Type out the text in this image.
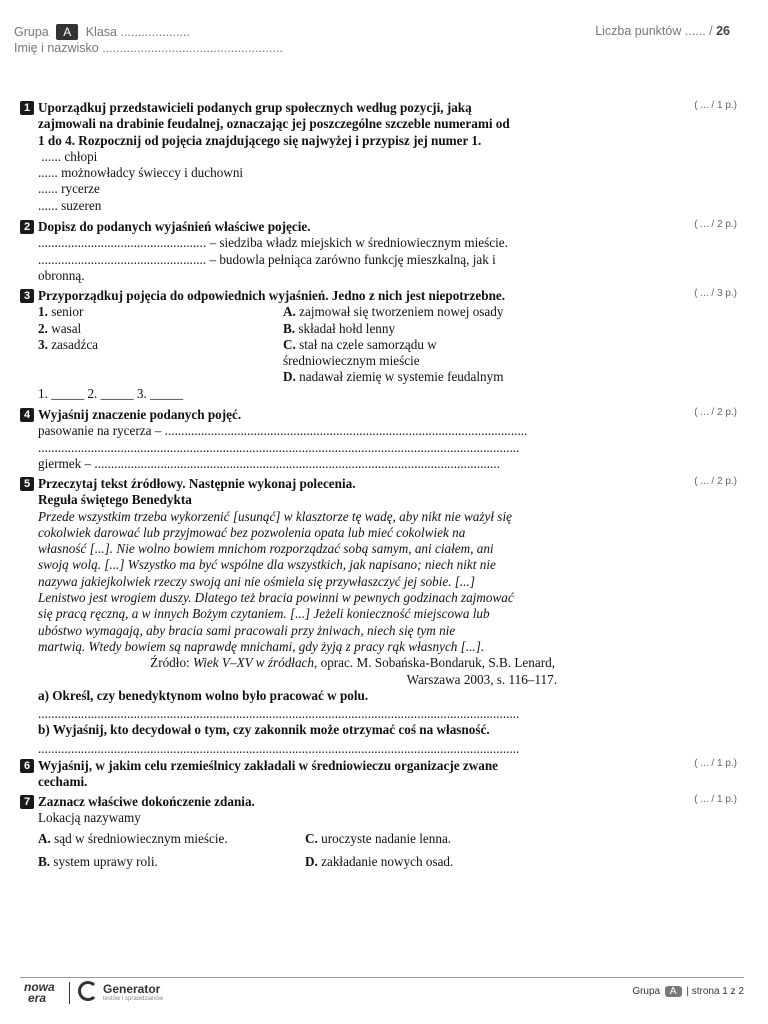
Grupa A Klasa ....................
Imię i nazwisko ....................................................
Liczba punktów ...... / 26
1 Uporządkuj przedstawicieli podanych grup społecznych według pozycji, jaką
zajmowali na drabinie feudalnej, oznaczając jej poszczególne szczeble numerami od
1 do 4. Rozpocznij od pojęcia znajdującego się najwyżej i przypisz jej numer 1.
...... chłopi
...... możnowładcy świeccy i duchowni
...... rycerze
...... suzeren
( ... / 1 p.)
2 Dopisz do podanych wyjaśnień właściwe pojęcie.
................................................... – siedziba władz miejskich w średniowiecznym mieście.
................................................... – budowla pełniąca zarówno funkcję mieszkalną, jak i
obronną.
( ... / 2 p.)
3 Przyporządkuj pojęcia do odpowiednich wyjaśnień. Jedno z nich jest niepotrzebne.
1. senior
2. wasal
3. zasadźca
A. zajmował się tworzeniem nowej osady
B. składał hołd lenny
C. stał na czele samorządu w
średniowiecznym mieście
D. nadawał ziemię w systemie feudalnym
1. _____ 2. _____ 3. _____
( ... / 3 p.)
4 Wyjaśnij znaczenie podanych pojęć.
pasowanie na rycerza – ..............................................................................................................
..................................................................................................................................................
giermek – ...........................................................................................................................
( ... / 2 p.)
5 Przeczytaj tekst źródłowy. Następnie wykonaj polecenia.
Reguła świętego Benedykta
Przede wszystkim trzeba wykorzenić [usunąć] w klasztorze tę wadę, aby nikt nie ważył się
cokolwiek darować lub przyjmować bez pozwolenia opata lub mieć cokolwiek na
własność [...]. Nie wolno bowiem mnichom rozporządzać sobą samym, ani ciałem, ani
swoją wolą. [...] Wszystko ma być wspólne dla wszystkich, jak napisano; niech nikt nie
nazywa jakiejkolwiek rzeczy swoją ani nie ośmiela się przywłaszczyć jej sobie. [...]
Lenistwo jest wrogiem duszy. Dlatego też bracia powinni w pewnych godzinach zajmować
się pracą ręczną, a w innych Bożym czytaniem. [...] Jeżeli konieczność miejscowa lub
ubóstwo wymagają, aby bracia sami pracowali przy żniwach, niech się tym nie
martwią. Wtedy bowiem są naprawdę mnichami, gdy żyją z pracy rąk własnych [...].
Źródło: Wiek V–XV w źródłach, oprac. M. Sobańska-Bondaruk, S.B. Lenard,
Warszawa 2003, s. 116–117.
a) Określ, czy benedyktynom wolno było pracować w polu.
..................................................................................................................................................
b) Wyjaśnij, kto decydował o tym, czy zakonnik może otrzymać coś na własność.
..................................................................................................................................................
( ... / 2 p.)
6 Wyjaśnij, w jakim celu rzemieślnicy zakładali w średniowieczu organizacje zwane
cechami.
( ... / 1 p.)
7 Zaznacz właściwe dokończenie zdania.
Lokacją nazywamy
A. sąd w średniowiecznym mieście.	C. uroczyste nadanie lenna.
B. system uprawy roli.	D. zakładanie nowych osad.
( ... / 1 p.)
nowa
era
Generator
testów i sprawdzianów
Grupa A | strona 1 z 2
